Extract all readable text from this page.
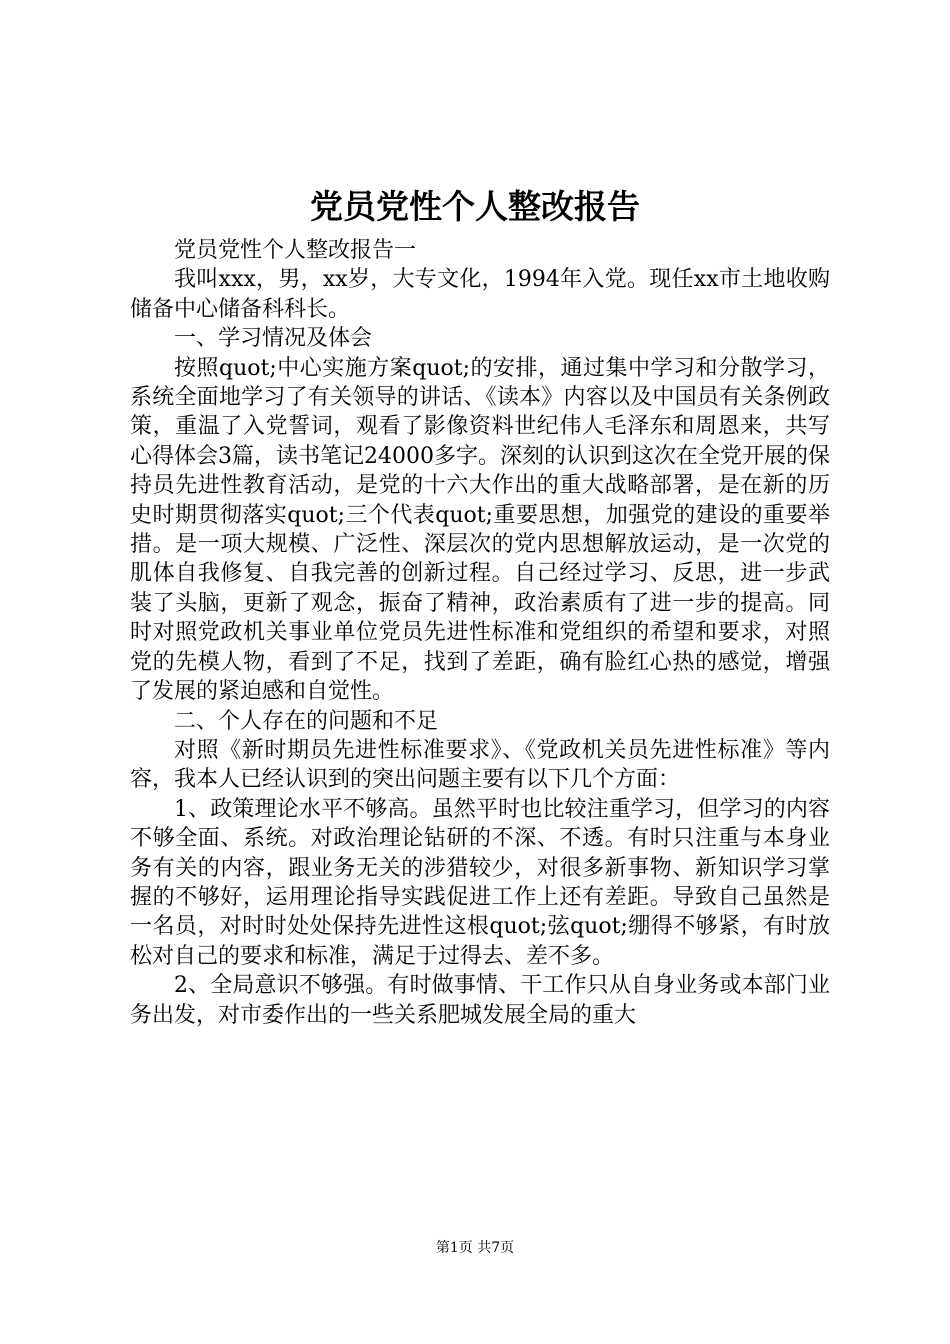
党员党性个人整改报告

党员党性个人整改报告一

我叫xxx，男，xx岁，大专文化，1994年入党。现任xx市土地收购储备中心储备科科长。

一、学习情况及体会

按照quot;中心实施方案quot;的安排，通过集中学习和分散学习，系统全面地学习了有关领导的讲话、《读本》内容以及中国员有关条例政策，重温了入党誓词，观看了影像资料世纪伟人毛泽东和周恩来，共写心得体会3篇，读书笔记24000多字。深刻的认识到这次在全党开展的保持员先进性教育活动，是党的十六大作出的重大战略部署，是在新的历史时期贯彻落实quot;三个代表quot;重要思想，加强党的建设的重要举措。是一项大规模、广泛性、深层次的党内思想解放运动，是一次党的肌体自我修复、自我完善的创新过程。自己经过学习、反思，进一步武装了头脑，更新了观念，振奋了精神，政治素质有了进一步的提高。同时对照党政机关事业单位党员先进性标准和党组织的希望和要求，对照党的先模人物，看到了不足，找到了差距，确有脸红心热的感觉，增强了发展的紧迫感和自觉性。

二、个人存在的问题和不足

对照《新时期员先进性标准要求》、《党政机关员先进性标准》等内容，我本人已经认识到的突出问题主要有以下几个方面：

1、政策理论水平不够高。虽然平时也比较注重学习，但学习的内容不够全面、系统。对政治理论钻研的不深、不透。有时只注重与本身业务有关的内容，跟业务无关的涉猎较少，对很多新事物、新知识学习掌握的不够好，运用理论指导实践促进工作上还有差距。导致自己虽然是一名员，对时时处处保持先进性这根quot;弦quot;绷得不够紧，有时放松对自己的要求和标准，满足于过得去、差不多。

2、全局意识不够强。有时做事情、干工作只从自身业务或本部门业务出发，对市委作出的一些关系肥城发展全局的重大

第1页 共7页
